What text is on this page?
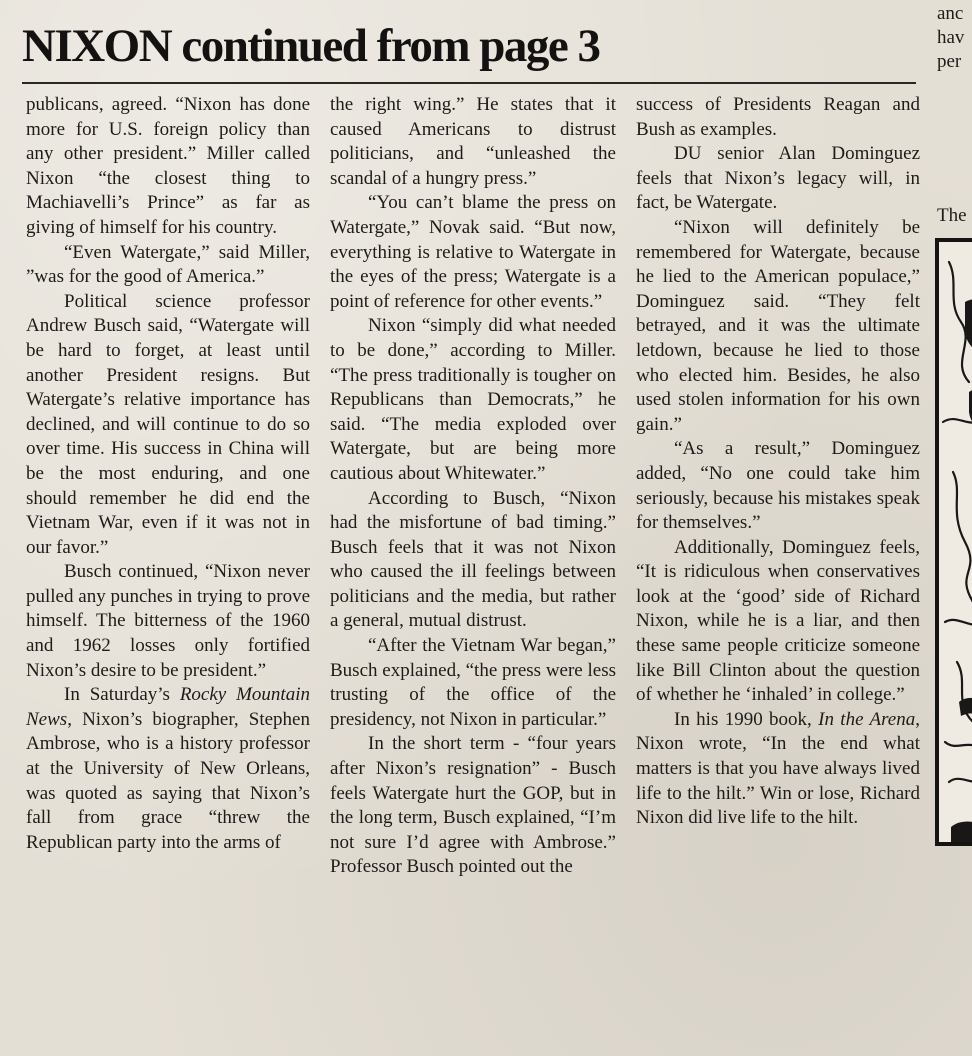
NIXON continued from page 3

publicans, agreed. “Nixon has done more for U.S. foreign policy than any other president.” Miller called Nixon “the closest thing to Machiavelli’s Prince” as far as giving of himself for his country.

“Even Watergate,” said Miller, ”was for the good of America.”

Political science professor Andrew Busch said, “Watergate will be hard to forget, at least until another President resigns. But Watergate’s relative importance has declined, and will continue to do so over time. His success in China will be the most enduring, and one should remember he did end the Vietnam War, even if it was not in our favor.”

Busch continued, “Nixon never pulled any punches in trying to prove himself. The bitterness of the 1960 and 1962 losses only fortified Nixon’s desire to be president.”

In Saturday’s Rocky Mountain News, Nixon’s biographer, Stephen Ambrose, who is a history professor at the University of New Orleans, was quoted as saying that Nixon’s fall from grace “threw the Republican party into the arms of

the right wing.” He states that it caused Americans to distrust politicians, and “unleashed the scandal of a hungry press.”

“You can’t blame the press on Watergate,” Novak said. “But now, everything is relative to Watergate in the eyes of the press; Watergate is a point of reference for other events.”

Nixon “simply did what needed to be done,” according to Miller. “The press traditionally is tougher on Republicans than Democrats,” he said. “The media exploded over Watergate, but are being more cautious about Whitewater.”

According to Busch, “Nixon had the misfortune of bad timing.” Busch feels that it was not Nixon who caused the ill feelings between politicians and the media, but rather a general, mutual distrust.

“After the Vietnam War began,” Busch explained, “the press were less trusting of the office of the presidency, not Nixon in particular.”

In the short term - “four years after Nixon’s resignation” - Busch feels Watergate hurt the GOP, but in the long term, Busch explained, “I’m not sure I’d agree with Ambrose.” Professor Busch pointed out the

success of Presidents Reagan and Bush as examples.

DU senior Alan Dominguez feels that Nixon’s legacy will, in fact, be Watergate.

“Nixon will definitely be remembered for Watergate, because he lied to the American populace,” Dominguez said. “They felt betrayed, and it was the ultimate letdown, because he lied to those who elected him. Besides, he also used stolen information for his own gain.”

“As a result,” Dominguez added, “No one could take him seriously, because his mistakes speak for themselves.”

Additionally, Dominguez feels, “It is ridiculous when conservatives look at the ‘good’ side of Richard Nixon, while he is a liar, and then these same people criticize someone like Bill Clinton about the question of whether he ‘inhaled’ in college.”

In his 1990 book, In the Arena, Nixon wrote, “In the end what matters is that you have always lived life to the hilt.” Win or lose, Richard Nixon did live life to the hilt.

anc
hav
per
The
